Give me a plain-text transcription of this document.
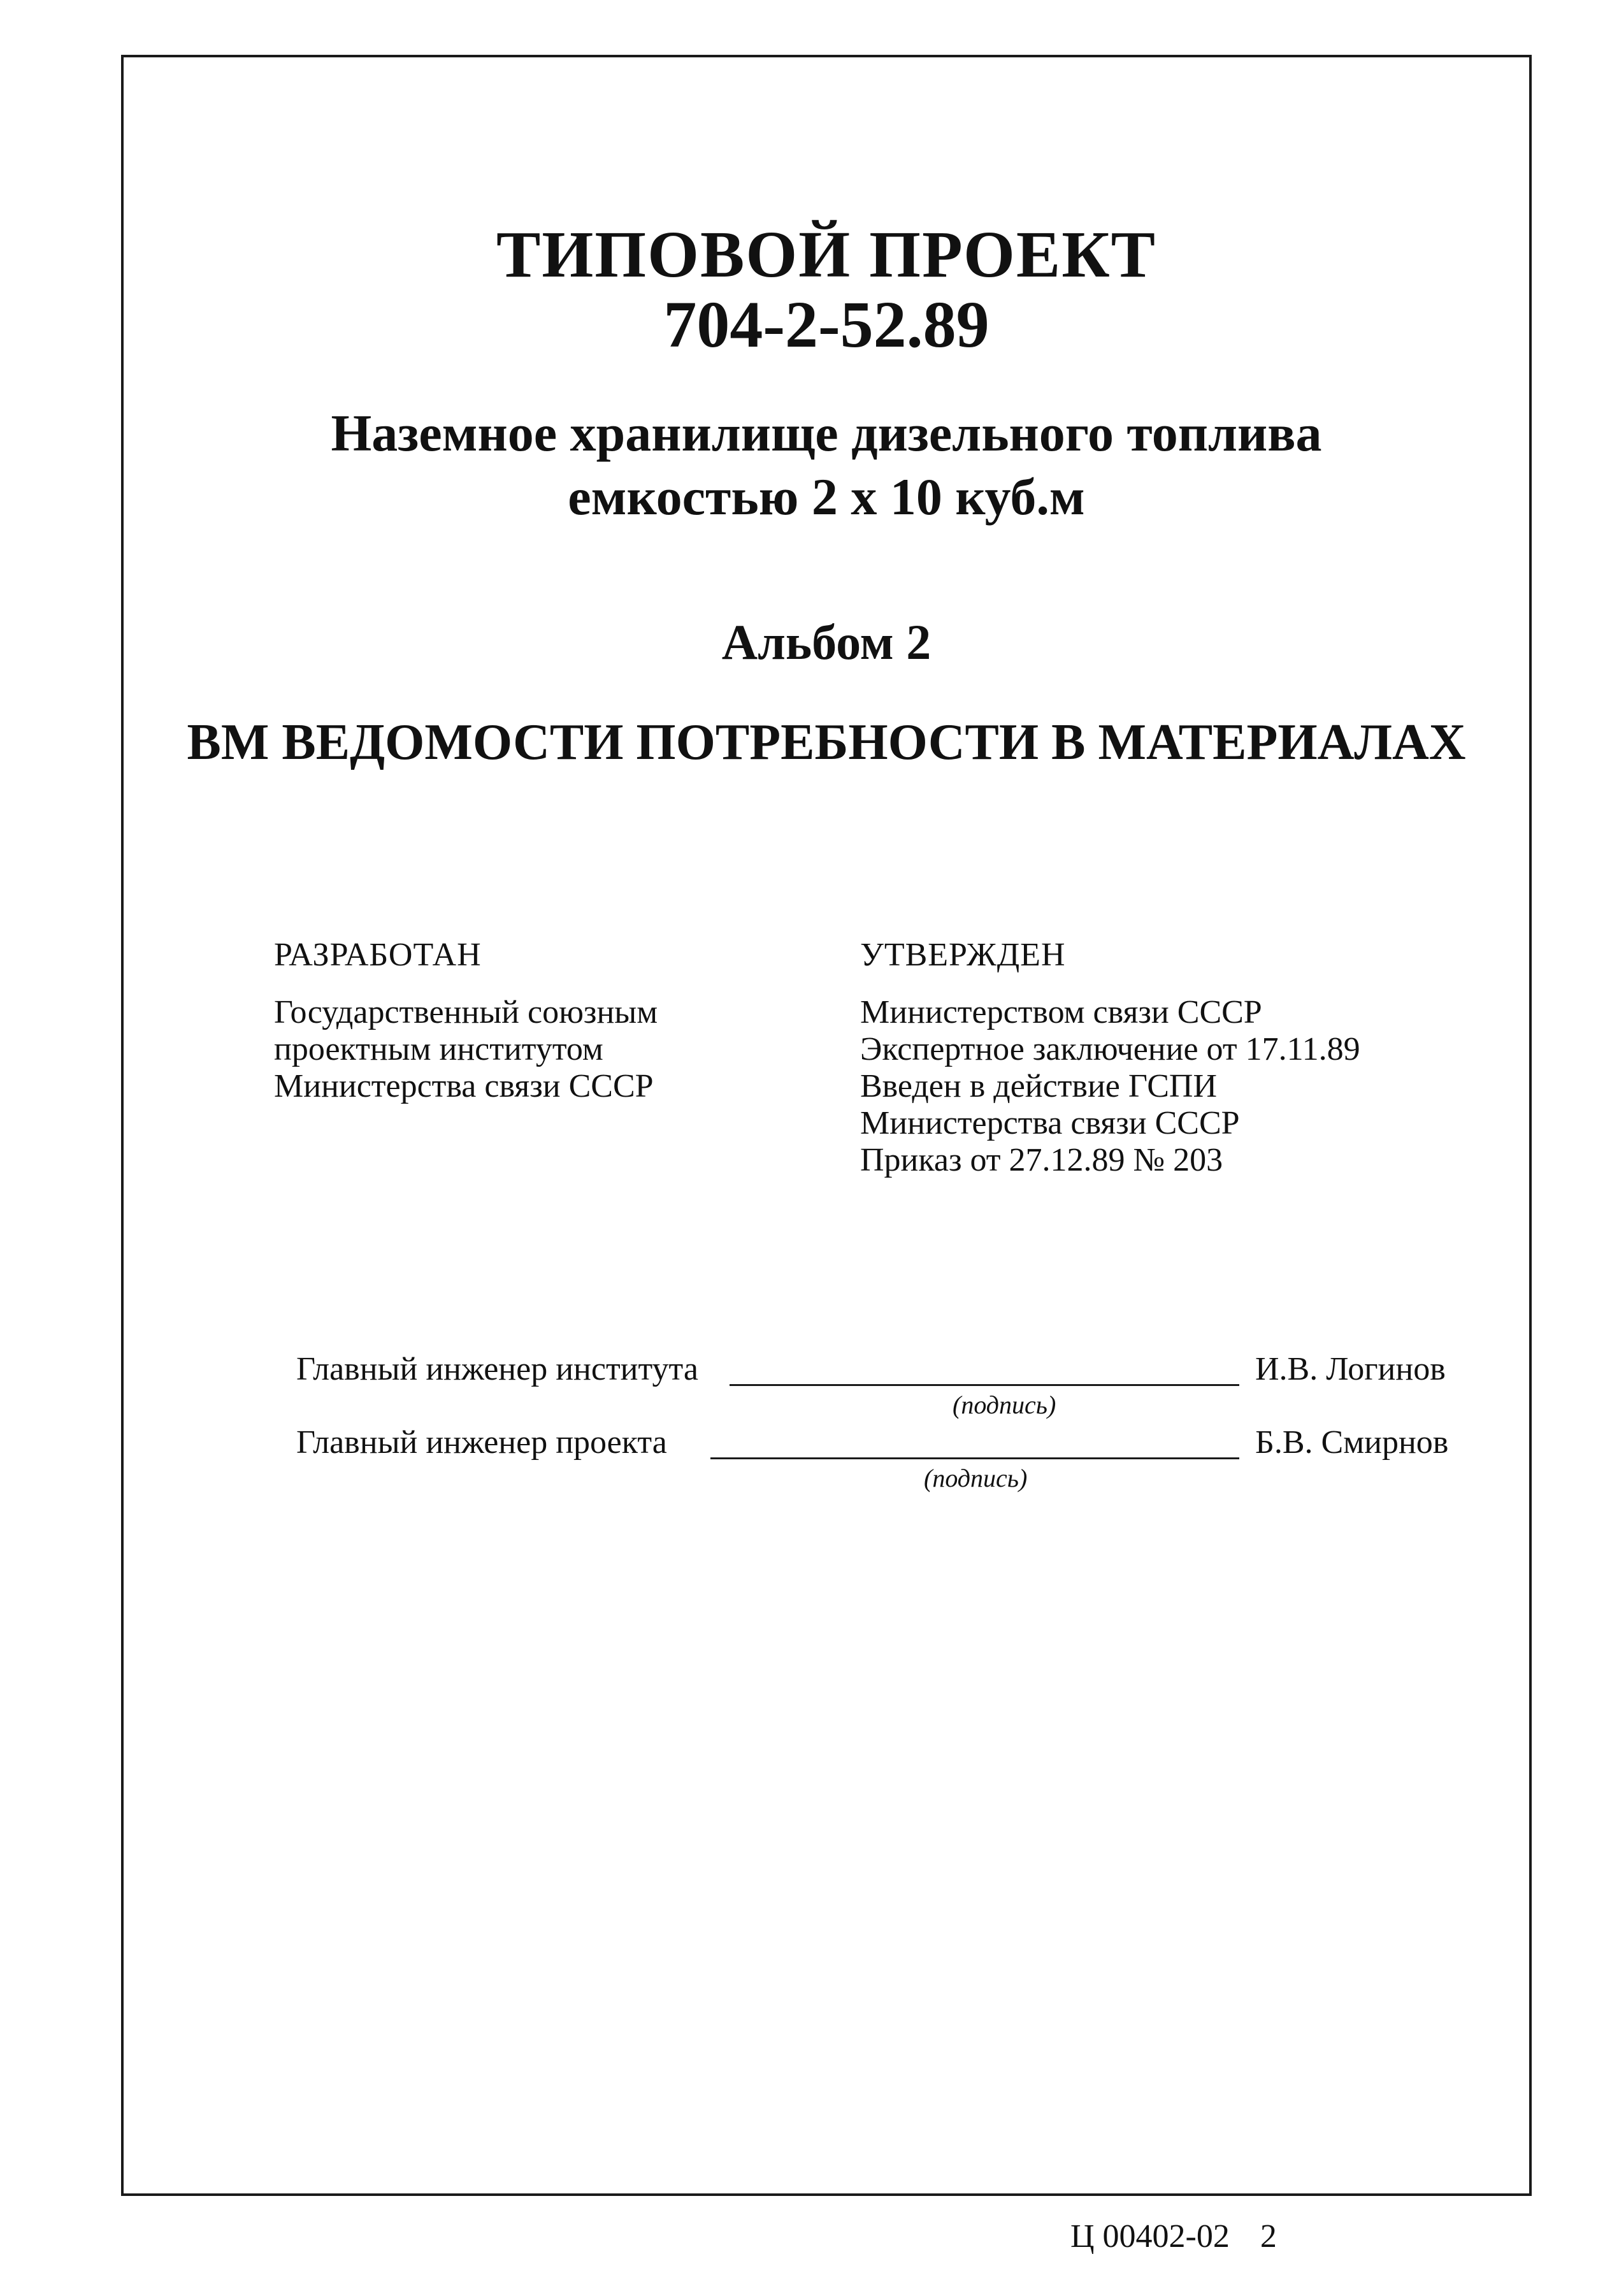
ТИПОВОЙ ПРОЕКТ
704-2-52.89
Наземное хранилище дизельного топлива
емкостью 2 х 10 куб.м
Альбом 2
ВМ ВЕДОМОСТИ ПОТРЕБНОСТИ В МАТЕРИАЛАХ
РАЗРАБОТАН
Государственный союзным
проектным институтом
Министерства связи СССР
УТВЕРЖДЕН
Министерством связи СССР
Экспертное заключение от 17.11.89
Введен в действие ГСПИ
Министерства связи СССР
Приказ от 27.12.89 № 203
Главный инженер института
(подпись)
И.В. Логинов
Главный инженер проекта
(подпись)
Б.В. Смирнов
Ц 00402-02 2
